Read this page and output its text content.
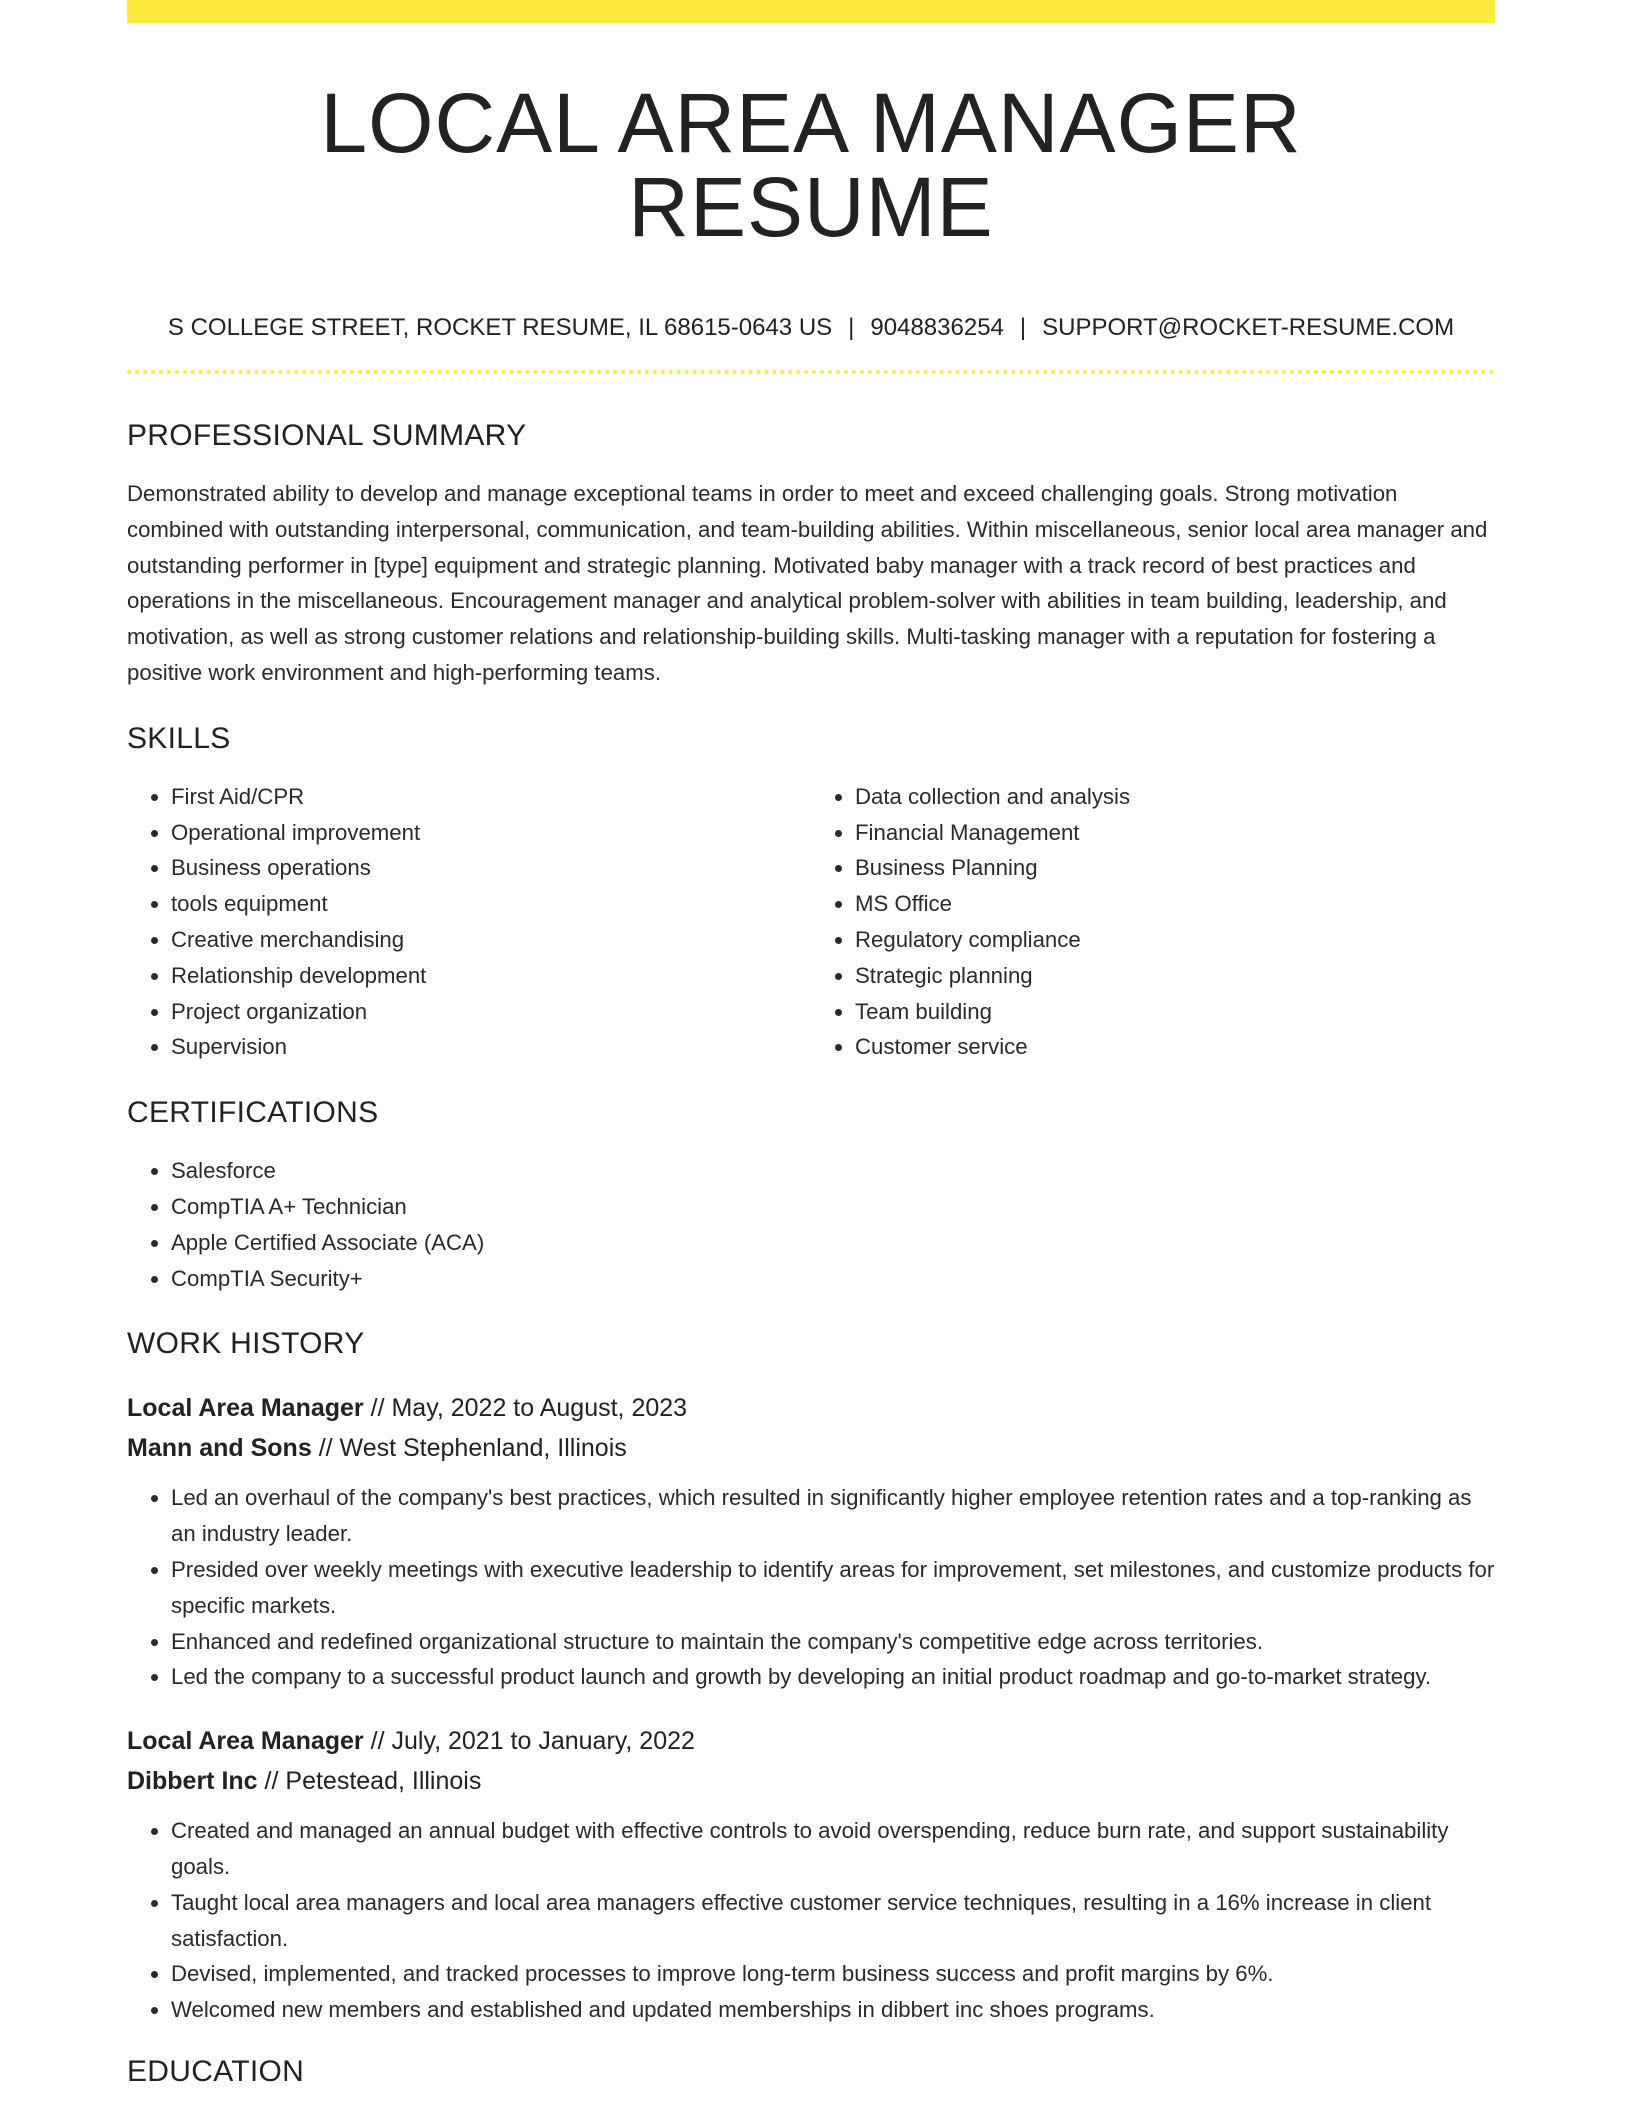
LOCAL AREA MANAGER RESUME
S COLLEGE STREET, ROCKET RESUME, IL 68615-0643 US | 9048836254 | SUPPORT@ROCKET-RESUME.COM
PROFESSIONAL SUMMARY

Demonstrated ability to develop and manage exceptional teams in order to meet and exceed challenging goals. Strong motivation combined with outstanding interpersonal, communication, and team-building abilities. Within miscellaneous, senior local area manager and outstanding performer in [type] equipment and strategic planning. Motivated baby manager with a track record of best practices and operations in the miscellaneous. Encouragement manager and analytical problem-solver with abilities in team building, leadership, and motivation, as well as strong customer relations and relationship-building skills. Multi-tasking manager with a reputation for fostering a positive work environment and high-performing teams.

SKILLS
• First Aid/CPR
• Operational improvement
• Business operations
• tools equipment
• Creative merchandising
• Relationship development
• Project organization
• Supervision
• Data collection and analysis
• Financial Management
• Business Planning
• MS Office
• Regulatory compliance
• Strategic planning
• Team building
• Customer service
CERTIFICATIONS
• Salesforce
• CompTIA A+ Technician
• Apple Certified Associate (ACA)
• CompTIA Security+
WORK HISTORY
Local Area Manager // May, 2022 to August, 2023
Mann and Sons // West Stephenland, Illinois
• Led an overhaul of the company's best practices, which resulted in significantly higher employee retention rates and a top-ranking as an industry leader.
• Presided over weekly meetings with executive leadership to identify areas for improvement, set milestones, and customize products for specific markets.
• Enhanced and redefined organizational structure to maintain the company's competitive edge across territories.
• Led the company to a successful product launch and growth by developing an initial product roadmap and go-to-market strategy.
Local Area Manager // July, 2021 to January, 2022
Dibbert Inc // Petestead, Illinois
• Created and managed an annual budget with effective controls to avoid overspending, reduce burn rate, and support sustainability goals.
• Taught local area managers and local area managers effective customer service techniques, resulting in a 16% increase in client satisfaction.
• Devised, implemented, and tracked processes to improve long-term business success and profit margins by 6%.
• Welcomed new members and established and updated memberships in dibbert inc shoes programs.
EDUCATION
